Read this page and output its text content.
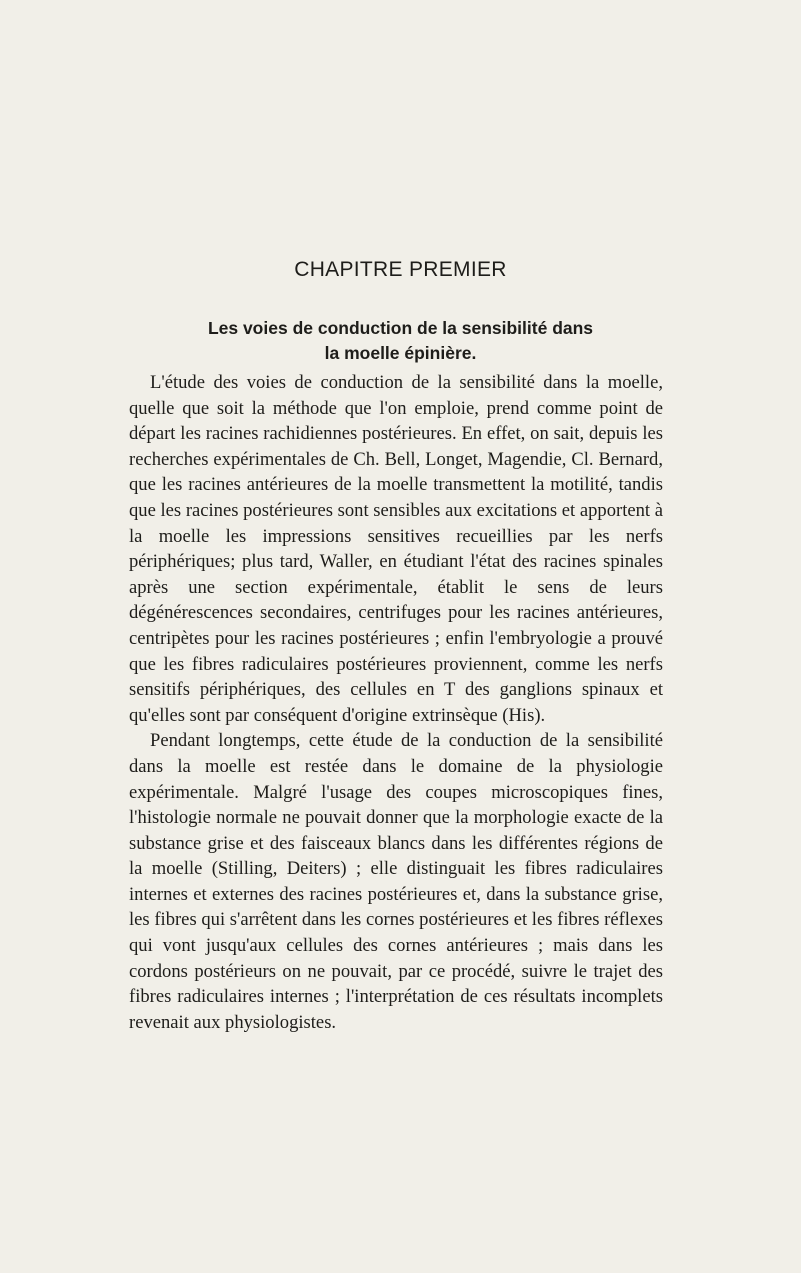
CHAPITRE PREMIER
Les voies de conduction de la sensibilité dans
la moelle épinière.

L'étude des voies de conduction de la sensibilité dans la moelle, quelle que soit la méthode que l'on emploie, prend comme point de départ les racines rachidiennes postérieures. En effet, on sait, depuis les recherches expérimentales de Ch. Bell, Longet, Magendie, Cl. Bernard, que les racines antérieures de la moelle transmettent la motilité, tandis que les racines postérieures sont sensibles aux excitations et apportent à la moelle les impressions sensitives recueillies par les nerfs périphériques; plus tard, Waller, en étudiant l'état des racines spinales après une section expérimentale, établit le sens de leurs dégénérescences secondaires, centrifuges pour les racines antérieures, centripètes pour les racines postérieures ; enfin l'embryologie a prouvé que les fibres radiculaires postérieures proviennent, comme les nerfs sensitifs périphériques, des cellules en T des ganglions spinaux et qu'elles sont par conséquent d'origine extrinsèque (His).

Pendant longtemps, cette étude de la conduction de la sensibilité dans la moelle est restée dans le domaine de la physiologie expérimentale. Malgré l'usage des coupes microscopiques fines, l'histologie normale ne pouvait donner que la morphologie exacte de la substance grise et des faisceaux blancs dans les différentes régions de la moelle (Stilling, Deiters) ; elle distinguait les fibres radiculaires internes et externes des racines postérieures et, dans la substance grise, les fibres qui s'arrêtent dans les cornes postérieures et les fibres réflexes qui vont jusqu'aux cellules des cornes antérieures ; mais dans les cordons postérieurs on ne pouvait, par ce procédé, suivre le trajet des fibres radiculaires internes ; l'interprétation de ces résultats incomplets revenait aux physiologistes.
